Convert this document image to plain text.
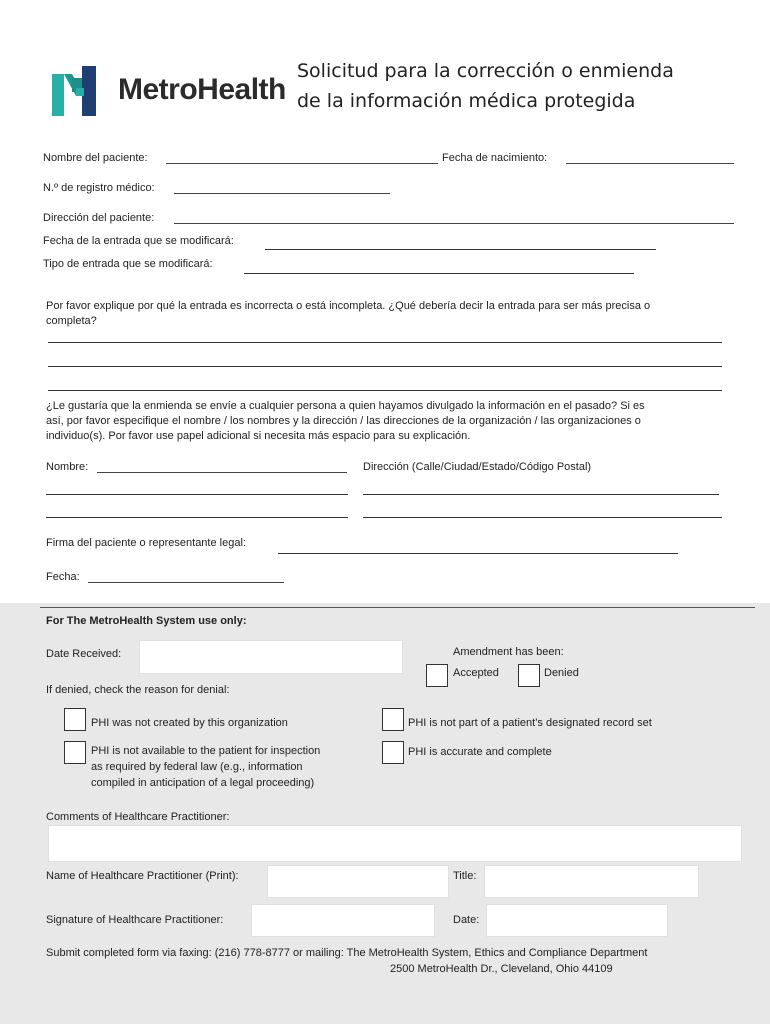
MetroHealth
Solicitud para la corrección o enmienda
de la información médica protegida
Nombre del paciente:	Fecha de nacimiento:
N.º de registro médico:
Dirección del paciente:
Fecha de la entrada que se modificará:
Tipo de entrada que se modificará:
Por favor explique por qué la entrada es incorrecta o está incompleta. ¿Qué debería decir la entrada para ser más precisa o
completa?
¿Le gustaría que la enmienda se envíe a cualquier persona a quien hayamos divulgado la información en el pasado? Si es
así, por favor especifique el nombre / los nombres y la dirección / las direcciones de la organización / las organizaciones o
individuo(s). Por favor use papel adicional si necesita más espacio para su explicación.
Nombre:	Dirección (Calle/Ciudad/Estado/Código Postal)
Firma del paciente o representante legal:
Fecha:
For The MetroHealth System use only:
Date Received:	Amendment has been:
Accepted	Denied
If denied, check the reason for denial:
PHI was not created by this organization	PHI is not part of a patient’s designated record set
PHI is not available to the patient for inspection
as required by federal law (e.g., information
compiled in anticipation of a legal proceeding)
PHI is accurate and complete
Comments of Healthcare Practitioner:
Name of Healthcare Practitioner (Print):	Title:
Signature of Healthcare Practitioner:	Date:
Submit completed form via faxing: (216) 778-8777 or mailing: The MetroHealth System, Ethics and Compliance Department
2500 MetroHealth Dr., Cleveland, Ohio 44109
